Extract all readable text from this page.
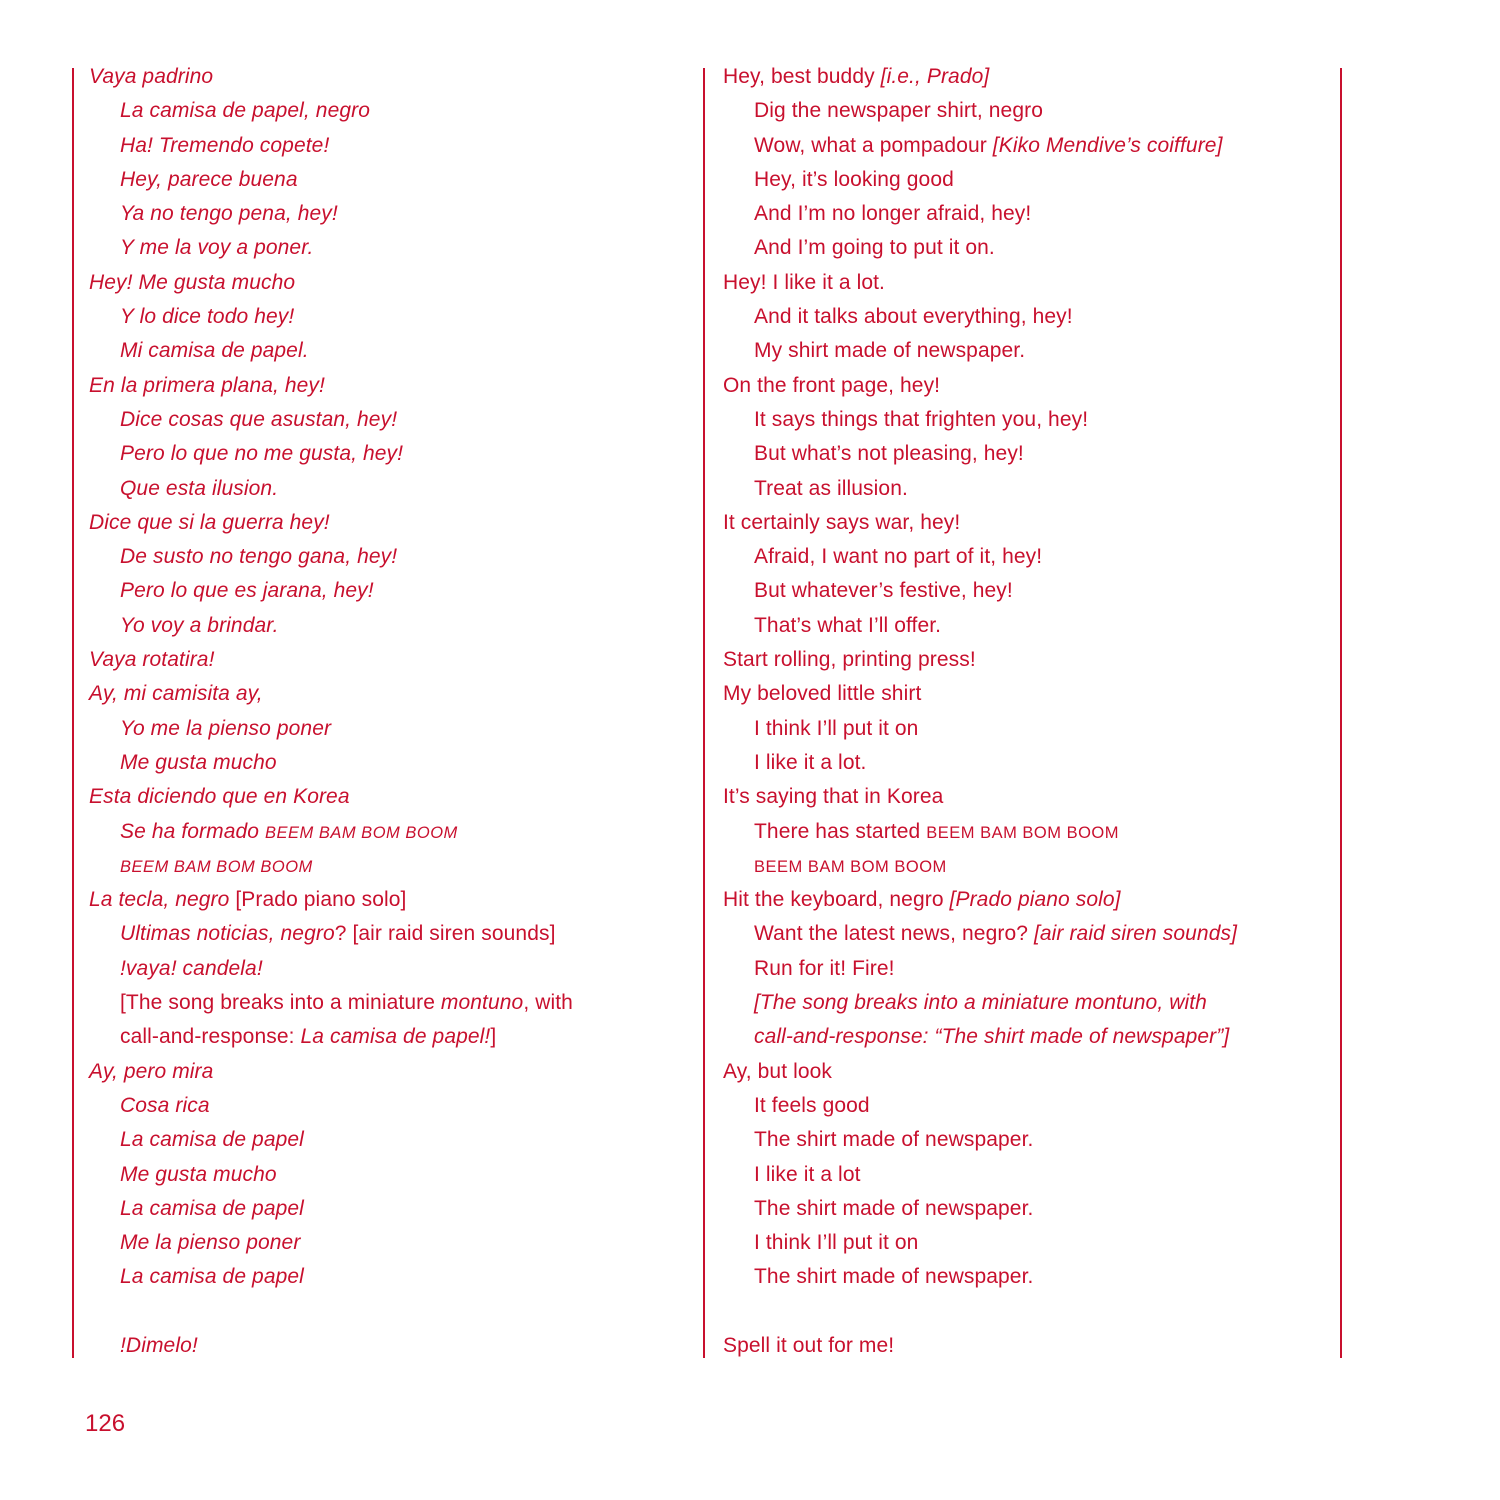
Vaya padrino
La camisa de papel, negro
Ha! Tremendo copete!
Hey, parece buena
Ya no tengo pena, hey!
Y me la voy a poner.
Hey! Me gusta mucho
Y lo dice todo hey!
Mi camisa de papel.
En la primera plana, hey!
Dice cosas que asustan, hey!
Pero lo que no me gusta, hey!
Que esta ilusion.
Dice que si la guerra hey!
De susto no tengo gana, hey!
Pero lo que es jarana, hey!
Yo voy a brindar.
Vaya rotatira!
Ay, mi camisita ay,
Yo me la pienso poner
Me gusta mucho
Esta diciendo que en Korea
Se ha formado BEEM BAM BOM BOOM
BEEM BAM BOM BOOM
La tecla, negro [Prado piano solo]
Ultimas noticias, negro? [air raid siren sounds]
!vaya! candela!
[The song breaks into a miniature montuno, with
call-and-response: La camisa de papel!]
Ay, pero mira
Cosa rica
La camisa de papel
Me gusta mucho
La camisa de papel
Me la pienso poner
La camisa de papel
!Dimelo!
Hey, best buddy [i.e., Prado]
Dig the newspaper shirt, negro
Wow, what a pompadour [Kiko Mendive’s coiffure]
Hey, it’s looking good
And I’m no longer afraid, hey!
And I’m going to put it on.
Hey! I like it a lot.
And it talks about everything, hey!
My shirt made of newspaper.
On the front page, hey!
It says things that frighten you, hey!
But what’s not pleasing, hey!
Treat as illusion.
It certainly says war, hey!
Afraid, I want no part of it, hey!
But whatever’s festive, hey!
That’s what I’ll offer.
Start rolling, printing press!
My beloved little shirt
I think I’ll put it on
I like it a lot.
It’s saying that in Korea
There has started BEEM BAM BOM BOOM
BEEM BAM BOM BOOM
Hit the keyboard, negro [Prado piano solo]
Want the latest news, negro? [air raid siren sounds]
Run for it! Fire!
[The song breaks into a miniature montuno, with
call-and-response: “The shirt made of newspaper”]
Ay, but look
It feels good
The shirt made of newspaper.
I like it a lot
The shirt made of newspaper.
I think I’ll put it on
The shirt made of newspaper.
Spell it out for me!
126
